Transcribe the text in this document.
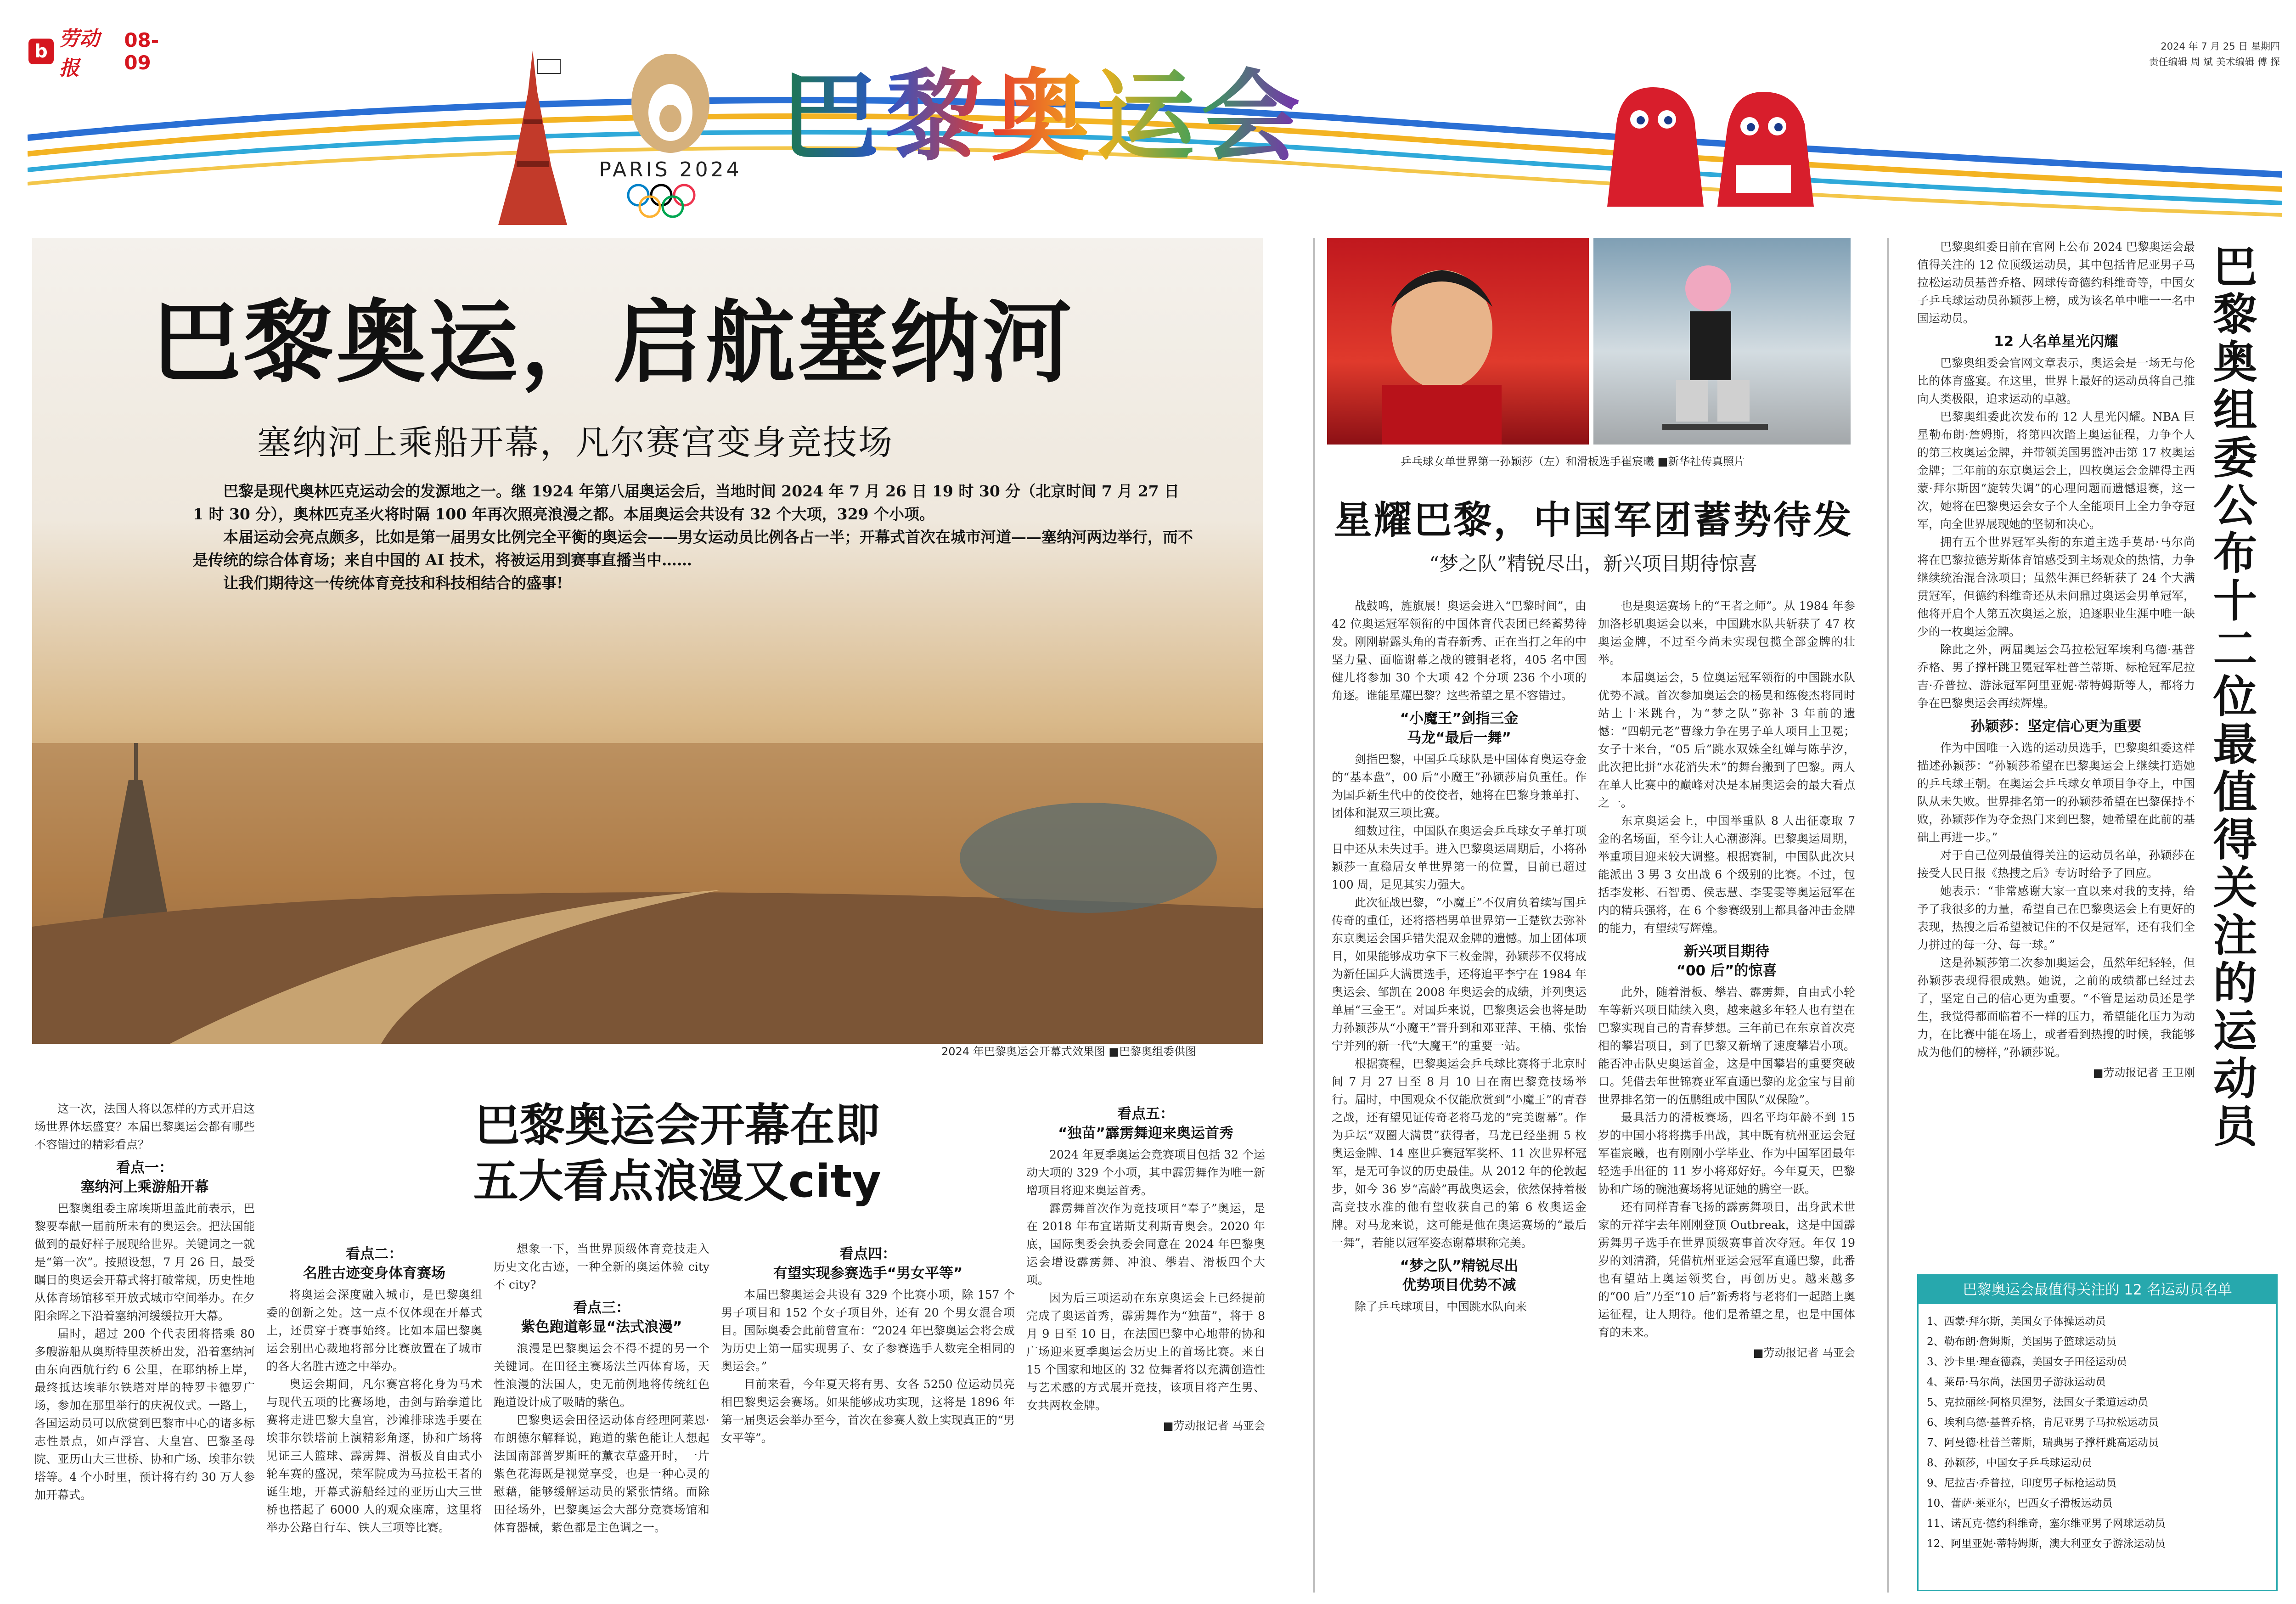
b
劳动报
08-09
2024 年 7 月 25 日 星期四
责任编辑 周 斌 美术编辑 傅 探
PARIS 2024 巴黎奥运会
巴黎奥运，启航塞纳河
塞纳河上乘船开幕，凡尔赛宫变身竞技场

巴黎是现代奥林匹克运动会的发源地之一。继 1924 年第八届奥运会后，当地时间 2024 年 7 月 26 日 19 时 30 分（北京时间 7 月 27 日 1 时 30 分），奥林匹克圣火将时隔 100 年再次照亮浪漫之都。本届奥运会共设有 32 个大项，329 个小项。

本届运动会亮点颇多，比如是第一届男女比例完全平衡的奥运会——男女运动员比例各占一半；开幕式首次在城市河道——塞纳河两边举行，而不是传统的综合体育场；来自中国的 AI 技术，将被运用到赛事直播当中……

让我们期待这一传统体育竞技和科技相结合的盛事!

2024 年巴黎奥运会开幕式效果图 ■巴黎奥组委供图
巴黎奥运会开幕在即
五大看点浪漫又city

这一次，法国人将以怎样的方式开启这场世界体坛盛宴？本届巴黎奥运会都有哪些不容错过的精彩看点？

看点一：
塞纳河上乘游船开幕

巴黎奥组委主席埃斯坦盖此前表示，巴黎要奉献一届前所未有的奥运会。把法国能做到的最好样子展现给世界。关键词之一就是“第一次”。按照设想，7 月 26 日，最受瞩目的奥运会开幕式将打破常规，历史性地从体育场馆移至开放式城市空间举办。在夕阳余晖之下沿着塞纳河缓缓拉开大幕。

届时，超过 200 个代表团将搭乘 80 多艘游船从奥斯特里茨桥出发，沿着塞纳河由东向西航行约 6 公里，在耶纳桥上岸，最终抵达埃菲尔铁塔对岸的特罗卡德罗广场，参加在那里举行的庆祝仪式。一路上，各国运动员可以欣赏到巴黎市中心的诸多标志性景点，如卢浮宫、大皇宫、巴黎圣母院、亚历山大三世桥、协和广场、埃菲尔铁塔等。4 个小时里，预计将有约 30 万人参加开幕式。

看点二：
名胜古迹变身体育赛场

将奥运会深度融入城市，是巴黎奥组委的创新之处。这一点不仅体现在开幕式上，还贯穿于赛事始终。比如本届巴黎奥运会别出心裁地将部分比赛放置在了城市的各大名胜古迹之中举办。

奥运会期间，凡尔赛宫将化身为马术与现代五项的比赛场地，击剑与跆拳道比赛将走进巴黎大皇宫，沙滩排球选手要在埃菲尔铁塔前上演精彩角逐，协和广场将见证三人篮球、霹雳舞、滑板及自由式小轮车赛的盛况，荣军院成为马拉松王者的诞生地，开幕式游船经过的亚历山大三世桥也搭起了 6000 人的观众座席，这里将举办公路自行车、铁人三项等比赛。

想象一下，当世界顶级体育竞技走入历史文化古迹，一种全新的奥运体验 city 不 city?

看点三：
紫色跑道彰显“法式浪漫”

浪漫是巴黎奥运会不得不提的另一个关键词。在田径主赛场法兰西体育场，天性浪漫的法国人，史无前例地将传统红色跑道设计成了吸睛的紫色。

巴黎奥运会田径运动体育经理阿莱恩·布朗德尔解释说，跑道的紫色能让人想起法国南部普罗斯旺的薰衣草盛开时，一片紫色花海既是视觉享受，也是一种心灵的慰藉，能够缓解运动员的紧张情绪。而除田径场外，巴黎奥运会大部分竞赛场馆和体育器械，紫色都是主色调之一。

看点四：
有望实现参赛选手“男女平等”

本届巴黎奥运会共设有 329 个比赛小项，除 157 个男子项目和 152 个女子项目外，还有 20 个男女混合项目。国际奥委会此前曾宣布：“2024 年巴黎奥运会将会成为历史上第一届实现男子、女子参赛选手人数完全相同的奥运会。”

目前来看，今年夏天将有男、女各 5250 位运动员亮相巴黎奥运会赛场。如果能够成功实现，这将是 1896 年第一届奥运会举办至今，首次在参赛人数上实现真正的“男女平等”。

看点五：
“独苗”霹雳舞迎来奥运首秀

2024 年夏季奥运会竞赛项目包括 32 个运动大项的 329 个小项，其中霹雳舞作为唯一新增项目将迎来奥运首秀。

霹雳舞首次作为竞技项目“奉子”奥运，是在 2018 年布宜诺斯艾利斯青奥会。2020 年底，国际奥委会执委会同意在 2024 年巴黎奥运会增设霹雳舞、冲浪、攀岩、滑板四个大项。

因为后三项运动在东京奥运会上已经提前完成了奥运首秀，霹雳舞作为“独苗”，将于 8 月 9 日至 10 日，在法国巴黎中心地带的协和广场迎来夏季奥运会历史上的首场比赛。来自 15 个国家和地区的 32 位舞者将以充满创造性与艺术感的方式展开竞技，该项目将产生男、女共两枚金牌。

■劳动报记者 马亚会
乒乓球女单世界第一孙颖莎（左）和滑板选手崔宸曦 ■新华社传真照片
星耀巴黎，中国军团蓄势待发
“梦之队”精锐尽出，新兴项目期待惊喜

战鼓鸣，旌旗展！奥运会进入“巴黎时间”，由 42 位奥运冠军领衔的中国体育代表团已经蓄势待发。刚刚崭露头角的青春新秀、正在当打之年的中坚力量、面临谢幕之战的镀铜老将，405 名中国健儿将参加 30 个大项 42 个分项 236 个小项的角逐。谁能星耀巴黎？这些希望之星不容错过。

“小魔王”剑指三金
马龙“最后一舞”

剑指巴黎，中国乒乓球队是中国体育奥运夺金的“基本盘”，00 后“小魔王”孙颖莎肩负重任。作为国乒新生代中的佼佼者，她将在巴黎身兼单打、团体和混双三项比赛。

细数过往，中国队在奥运会乒乓球女子单打项目中还从未失过手。进入巴黎奥运周期后，小将孙颖莎一直稳居女单世界第一的位置，目前已超过 100 周，足见其实力强大。

此次征战巴黎，“小魔王”不仅肩负着续写国乒传奇的重任，还将搭档男单世界第一王楚钦去弥补东京奥运会国乒错失混双金牌的遗憾。加上团体项目，如果能够成功拿下三枚金牌，孙颖莎不仅将成为新任国乒大满贯选手，还将追平李宁在 1984 年奥运会、邹凯在 2008 年奥运会的成绩，并列奥运单届“三金王”。对国乒来说，巴黎奥运会也将是助力孙颖莎从“小魔王”晋升到和邓亚萍、王楠、张怡宁并列的新一代“大魔王”的重要一站。

根据赛程，巴黎奥运会乒乓球比赛将于北京时间 7 月 27 日至 8 月 10 日在南巴黎竞技场举行。届时，中国观众不仅能欣赏到“小魔王”的青春之战，还有望见证传奇老将马龙的“完美谢幕”。作为乒坛“双圈大满贯”获得者，马龙已经坐拥 5 枚奥运金牌、14 座世乒赛冠军奖杯、11 次世界杯冠军，是无可争议的历史最佳。从 2012 年的伦敦起步，如今 36 岁“高龄”再战奥运会，依然保持着极高竞技水准的他有望收获自己的第 6 枚奥运金牌。对马龙来说，这可能是他在奥运赛场的“最后一舞”，若能以冠军姿态谢幕堪称完美。

“梦之队”精锐尽出
优势项目优势不减

除了乒乓球项目，中国跳水队向来

也是奥运赛场上的“王者之师”。从 1984 年参加洛杉矶奥运会以来，中国跳水队共斩获了 47 枚奥运金牌，不过至今尚未实现包揽全部金牌的壮举。

本届奥运会，5 位奥运冠军领衔的中国跳水队优势不减。首次参加奥运会的杨昊和练俊杰将同时站上十米跳台，为“梦之队”弥补 3 年前的遗憾：“四朝元老”曹缘力争在男子单人项目上卫冕；女子十米台，“05 后”跳水双姝全红婵与陈芋汐，此次把比拼“水花消失术”的舞台搬到了巴黎。两人在单人比赛中的巅峰对决是本届奥运会的最大看点之一。

东京奥运会上，中国举重队 8 人出征豪取 7 金的名场面，至今让人心潮澎湃。巴黎奥运周期，举重项目迎来较大调整。根据赛制，中国队此次只能派出 3 男 3 女出战 6 个级别的比赛。不过，包括李发彬、石智勇、侯志慧、李雯雯等奥运冠军在内的精兵强将，在 6 个参赛级别上都具备冲击金牌的能力，有望续写辉煌。

新兴项目期待
“00 后”的惊喜

此外，随着滑板、攀岩、霹雳舞，自由式小轮车等新兴项目陆续入奥，越来越多年轻人也有望在巴黎实现自己的青春梦想。三年前已在东京首次亮相的攀岩项目，到了巴黎又新增了速度攀岩小项。能否冲击队史奥运首金，这是中国攀岩的重要突破口。凭借去年世锦赛亚军直通巴黎的龙金宝与目前世界排名第一的伍鹏组成中国队“双保险”。

最具活力的滑板赛场，四名平均年龄不到 15 岁的中国小将将携手出战，其中既有杭州亚运会冠军崔宸曦，也有刚刚小学毕业、作为中国军团最年轻选手出征的 11 岁小将郑好好。今年夏天，巴黎协和广场的碗池赛场将见证她的腾空一跃。

还有同样青春飞扬的霹雳舞项目，出身武术世家的亓祥宇去年刚刚登顶 Outbreak，这是中国霹雳舞男子选手在世界顶级赛事首次夺冠。年仅 19 岁的刘清漪，凭借杭州亚运会冠军直通巴黎，此番也有望站上奥运领奖台，再创历史。越来越多的“00 后”乃至“10 后”新秀将与老将们一起踏上奥运征程，让人期待。他们是希望之星，也是中国体育的未来。

■劳动报记者 马亚会
巴黎奥组委公布十二位最值得关注的运动员

巴黎奥组委日前在官网上公布 2024 巴黎奥运会最值得关注的 12 位顶级运动员，其中包括肯尼亚男子马拉松运动员基普乔格、网球传奇德约科维奇等，中国女子乒乓球运动员孙颖莎上榜，成为该名单中唯一一名中国运动员。

12 人名单星光闪耀

巴黎奥组委会官网文章表示，奥运会是一场无与伦比的体育盛宴。在这里，世界上最好的运动员将自己推向人类极限，追求运动的卓越。

巴黎奥组委此次发布的 12 人星光闪耀。NBA 巨星勒布朗·詹姆斯，将第四次踏上奥运征程，力争个人的第三枚奥运金牌，并带领美国男篮冲击第 17 枚奥运金牌；三年前的东京奥运会上，四枚奥运会金牌得主西蒙·拜尔斯因“旋转失调”的心理问题而遗憾退赛，这一次，她将在巴黎奥运会女子个人全能项目上全力争夺冠军，向全世界展现她的坚韧和决心。

拥有五个世界冠军头衔的东道主选手莫昂·马尔尚将在巴黎拉德芳斯体育馆感受到主场观众的热情，力争继续统治混合泳项目；虽然生涯已经斩获了 24 个大满贯冠军，但德约科维奇还从未问鼎过奥运会男单冠军，他将开启个人第五次奥运之旅，追逐职业生涯中唯一缺少的一枚奥运金牌。

除此之外，两届奥运会马拉松冠军埃利乌德·基普乔格、男子撑杆跳卫冕冠军杜普兰蒂斯、标枪冠军尼拉吉·乔普拉、游泳冠军阿里亚妮·蒂特姆斯等人，都将力争在巴黎奥运会再续辉煌。

孙颖莎：坚定信心更为重要

作为中国唯一入选的运动员选手，巴黎奥组委这样描述孙颖莎：“孙颖莎希望在巴黎奥运会上继续打造她的乒乓球王朝。在奥运会乒乓球女单项目争夺上，中国队从未失败。世界排名第一的孙颖莎希望在巴黎保持不败，孙颖莎作为夺金热门来到巴黎，她希望在此前的基础上再进一步。”

对于自己位列最值得关注的运动员名单，孙颖莎在接受人民日报《热搜之后》专访时给予了回应。

她表示：“非常感谢大家一直以来对我的支持，给予了我很多的力量，希望自己在巴黎奥运会上有更好的表现，热搜之后希望被记住的不仅是冠军，还有我们全力拼过的每一分、每一球。”

这是孙颖莎第二次参加奥运会，虽然年纪轻轻，但孙颖莎表现得很成熟。她说，之前的成绩都已经过去了，坚定自己的信心更为重要。“不管是运动员还是学生，我觉得都面临着不一样的压力，希望能化压力为动力，在比赛中能在场上，或者看到热搜的时候，我能够成为他们的榜样，”孙颖莎说。

■劳动报记者 王卫刚
巴黎奥运会最值得关注的 12 名运动员名单
1、西蒙·拜尔斯，美国女子体操运动员
2、勒布朗·詹姆斯，美国男子篮球运动员
3、沙卡里·理查德森，美国女子田径运动员
4、莱昂·马尔尚，法国男子游泳运动员
5、克拉丽丝·阿格贝涅努，法国女子柔道运动员
6、埃利乌德·基普乔格，肯尼亚男子马拉松运动员
7、阿曼德·杜普兰蒂斯，瑞典男子撑杆跳高运动员
8、孙颖莎，中国女子乒乓球运动员
9、尼拉吉·乔普拉，印度男子标枪运动员
10、蕾萨·莱亚尔，巴西女子滑板运动员
11、诺瓦克·德约科维奇，塞尔维亚男子网球运动员
12、阿里亚妮·蒂特姆斯，澳大利亚女子游泳运动员
